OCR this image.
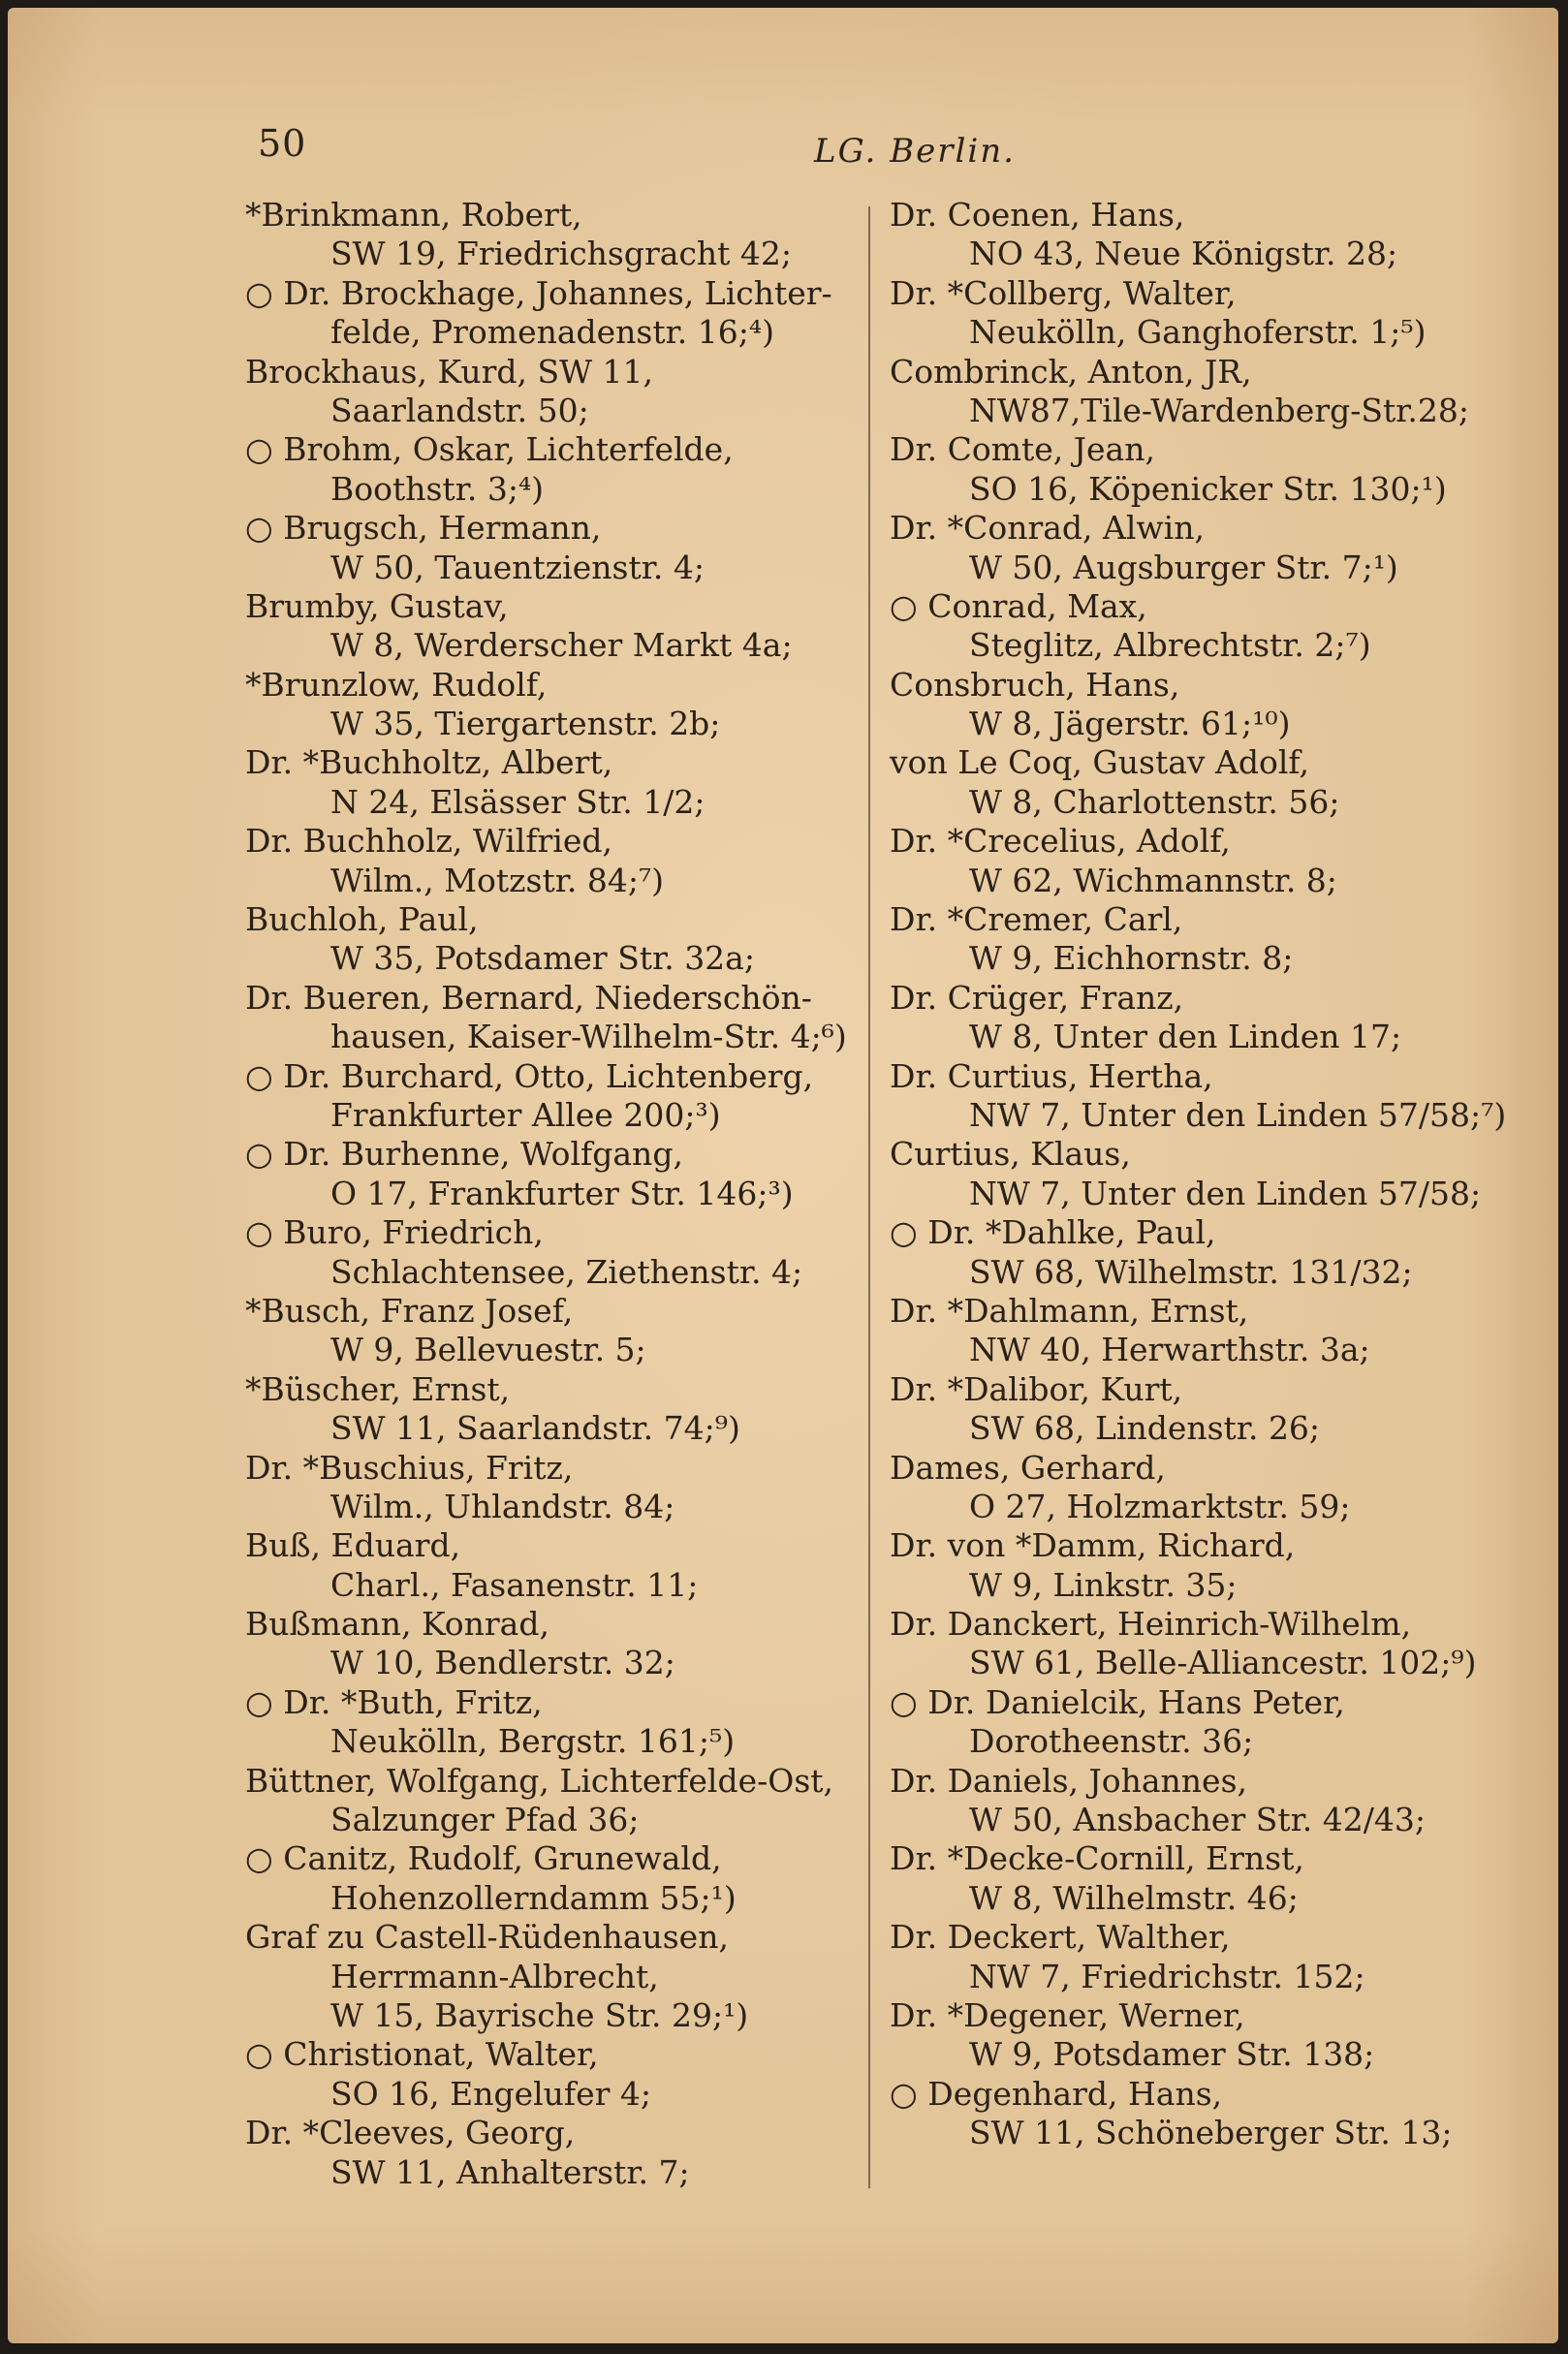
50	LG. Berlin.
*Brinkmann, Robert,
SW 19, Friedrichsgracht 42;
○ Dr. Brockhage, Johannes, Lichter-
felde, Promenadenstr. 16;⁴)
Brockhaus, Kurd, SW 11,
Saarlandstr. 50;
○ Brohm, Oskar, Lichterfelde,
Boothstr. 3;⁴)
○ Brugsch, Hermann,
W 50, Tauentzienstr. 4;
Brumby, Gustav,
W 8, Werderscher Markt 4a;
*Brunzlow, Rudolf,
W 35, Tiergartenstr. 2b;
Dr. *Buchholtz, Albert,
N 24, Elsässer Str. 1/2;
Dr. Buchholz, Wilfried,
Wilm., Motzstr. 84;⁷)
Buchloh, Paul,
W 35, Potsdamer Str. 32a;
Dr. Bueren, Bernard, Niederschön-
hausen, Kaiser-Wilhelm-Str. 4;⁶)
○ Dr. Burchard, Otto, Lichtenberg,
Frankfurter Allee 200;³)
○ Dr. Burhenne, Wolfgang,
O 17, Frankfurter Str. 146;³)
○ Buro, Friedrich,
Schlachtensee, Ziethenstr. 4;
*Busch, Franz Josef,
W 9, Bellevuestr. 5;
*Büscher, Ernst,
SW 11, Saarlandstr. 74;⁹)
Dr. *Buschius, Fritz,
Wilm., Uhlandstr. 84;
Buß, Eduard,
Charl., Fasanenstr. 11;
Bußmann, Konrad,
W 10, Bendlerstr. 32;
○ Dr. *Buth, Fritz,
Neukölln, Bergstr. 161;⁵)
Büttner, Wolfgang, Lichterfelde-Ost,
Salzunger Pfad 36;
○ Canitz, Rudolf, Grunewald,
Hohenzollerndamm 55;¹)
Graf zu Castell-Rüdenhausen,
Herrmann-Albrecht,
W 15, Bayrische Str. 29;¹)
○ Christionat, Walter,
SO 16, Engelufer 4;
Dr. *Cleeves, Georg,
SW 11, Anhalterstr. 7;
Dr. Coenen, Hans,
NO 43, Neue Königstr. 28;
Dr. *Collberg, Walter,
Neukölln, Ganghoferstr. 1;⁵)
Combrinck, Anton, JR,
NW87,Tile-Wardenberg-Str.28;
Dr. Comte, Jean,
SO 16, Köpenicker Str. 130;¹)
Dr. *Conrad, Alwin,
W 50, Augsburger Str. 7;¹)
○ Conrad, Max,
Steglitz, Albrechtstr. 2;⁷)
Consbruch, Hans,
W 8, Jägerstr. 61;¹⁰)
von Le Coq, Gustav Adolf,
W 8, Charlottenstr. 56;
Dr. *Crecelius, Adolf,
W 62, Wichmannstr. 8;
Dr. *Cremer, Carl,
W 9, Eichhornstr. 8;
Dr. Crüger, Franz,
W 8, Unter den Linden 17;
Dr. Curtius, Hertha,
NW 7, Unter den Linden 57/58;⁷)
Curtius, Klaus,
NW 7, Unter den Linden 57/58;
○ Dr. *Dahlke, Paul,
SW 68, Wilhelmstr. 131/32;
Dr. *Dahlmann, Ernst,
NW 40, Herwarthstr. 3a;
Dr. *Dalibor, Kurt,
SW 68, Lindenstr. 26;
Dames, Gerhard,
O 27, Holzmarktstr. 59;
Dr. von *Damm, Richard,
W 9, Linkstr. 35;
Dr. Danckert, Heinrich-Wilhelm,
SW 61, Belle-Alliancestr. 102;⁹)
○ Dr. Danielcik, Hans Peter,
Dorotheenstr. 36;
Dr. Daniels, Johannes,
W 50, Ansbacher Str. 42/43;
Dr. *Decke-Cornill, Ernst,
W 8, Wilhelmstr. 46;
Dr. Deckert, Walther,
NW 7, Friedrichstr. 152;
Dr. *Degener, Werner,
W 9, Potsdamer Str. 138;
○ Degenhard, Hans,
SW 11, Schöneberger Str. 13;
